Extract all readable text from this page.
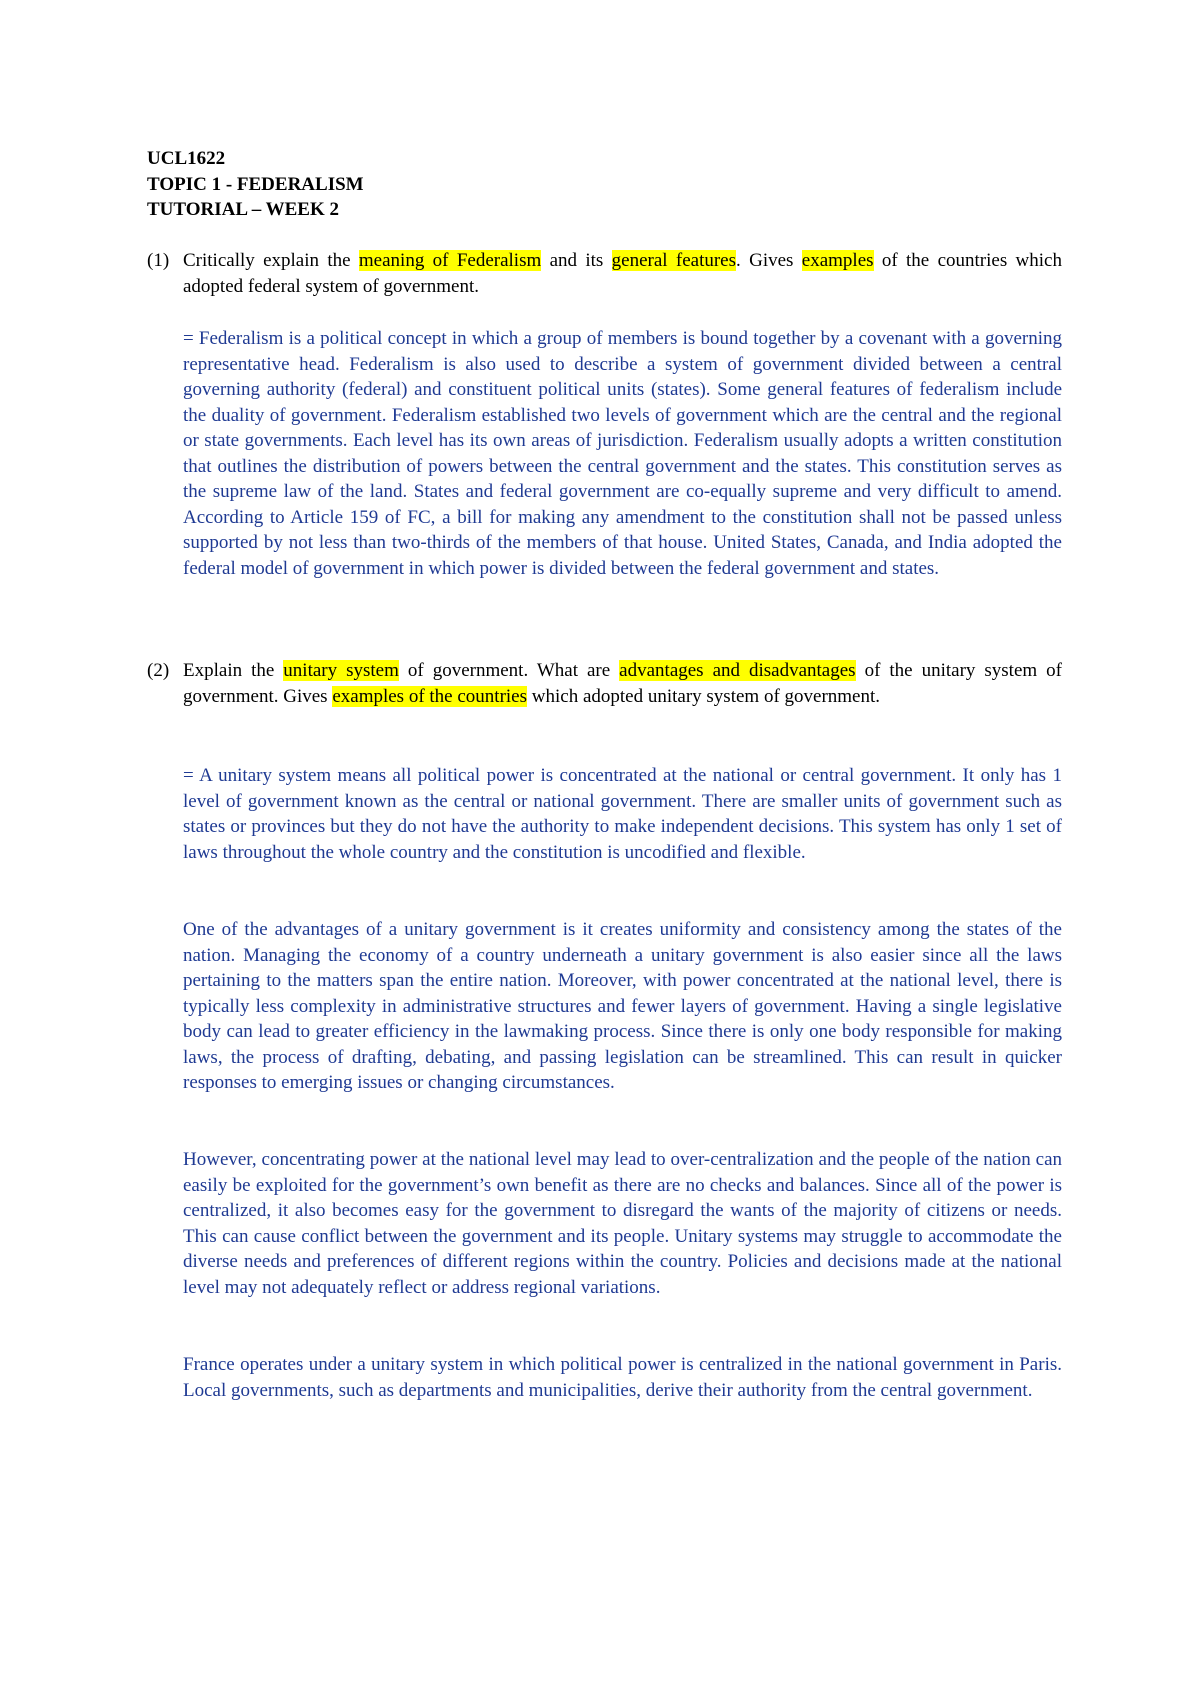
UCL1622
TOPIC 1 - FEDERALISM
TUTORIAL – WEEK 2
(1) Critically explain the meaning of Federalism and its general features. Gives examples of the countries which adopted federal system of government.

= Federalism is a political concept in which a group of members is bound together by a covenant with a governing representative head. Federalism is also used to describe a system of government divided between a central governing authority (federal) and constituent political units (states). Some general features of federalism include the duality of government. Federalism established two levels of government which are the central and the regional or state governments. Each level has its own areas of jurisdiction. Federalism usually adopts a written constitution that outlines the distribution of powers between the central government and the states. This constitution serves as the supreme law of the land. States and federal government are co-equally supreme and very difficult to amend. According to Article 159 of FC, a bill for making any amendment to the constitution shall not be passed unless supported by not less than two-thirds of the members of that house. United States, Canada, and India adopted the federal model of government in which power is divided between the federal government and states.

(2) Explain the unitary system of government. What are advantages and disadvantages of the unitary system of government. Gives examples of the countries which adopted unitary system of government.

= A unitary system means all political power is concentrated at the national or central government. It only has 1 level of government known as the central or national government. There are smaller units of government such as states or provinces but they do not have the authority to make independent decisions. This system has only 1 set of laws throughout the whole country and the constitution is uncodified and flexible.

One of the advantages of a unitary government is it creates uniformity and consistency among the states of the nation. Managing the economy of a country underneath a unitary government is also easier since all the laws pertaining to the matters span the entire nation. Moreover, with power concentrated at the national level, there is typically less complexity in administrative structures and fewer layers of government. Having a single legislative body can lead to greater efficiency in the lawmaking process. Since there is only one body responsible for making laws, the process of drafting, debating, and passing legislation can be streamlined. This can result in quicker responses to emerging issues or changing circumstances.

However, concentrating power at the national level may lead to over-centralization and the people of the nation can easily be exploited for the government’s own benefit as there are no checks and balances. Since all of the power is centralized, it also becomes easy for the government to disregard the wants of the majority of citizens or needs. This can cause conflict between the government and its people. Unitary systems may struggle to accommodate the diverse needs and preferences of different regions within the country. Policies and decisions made at the national level may not adequately reflect or address regional variations.

France operates under a unitary system in which political power is centralized in the national government in Paris. Local governments, such as departments and municipalities, derive their authority from the central government.
